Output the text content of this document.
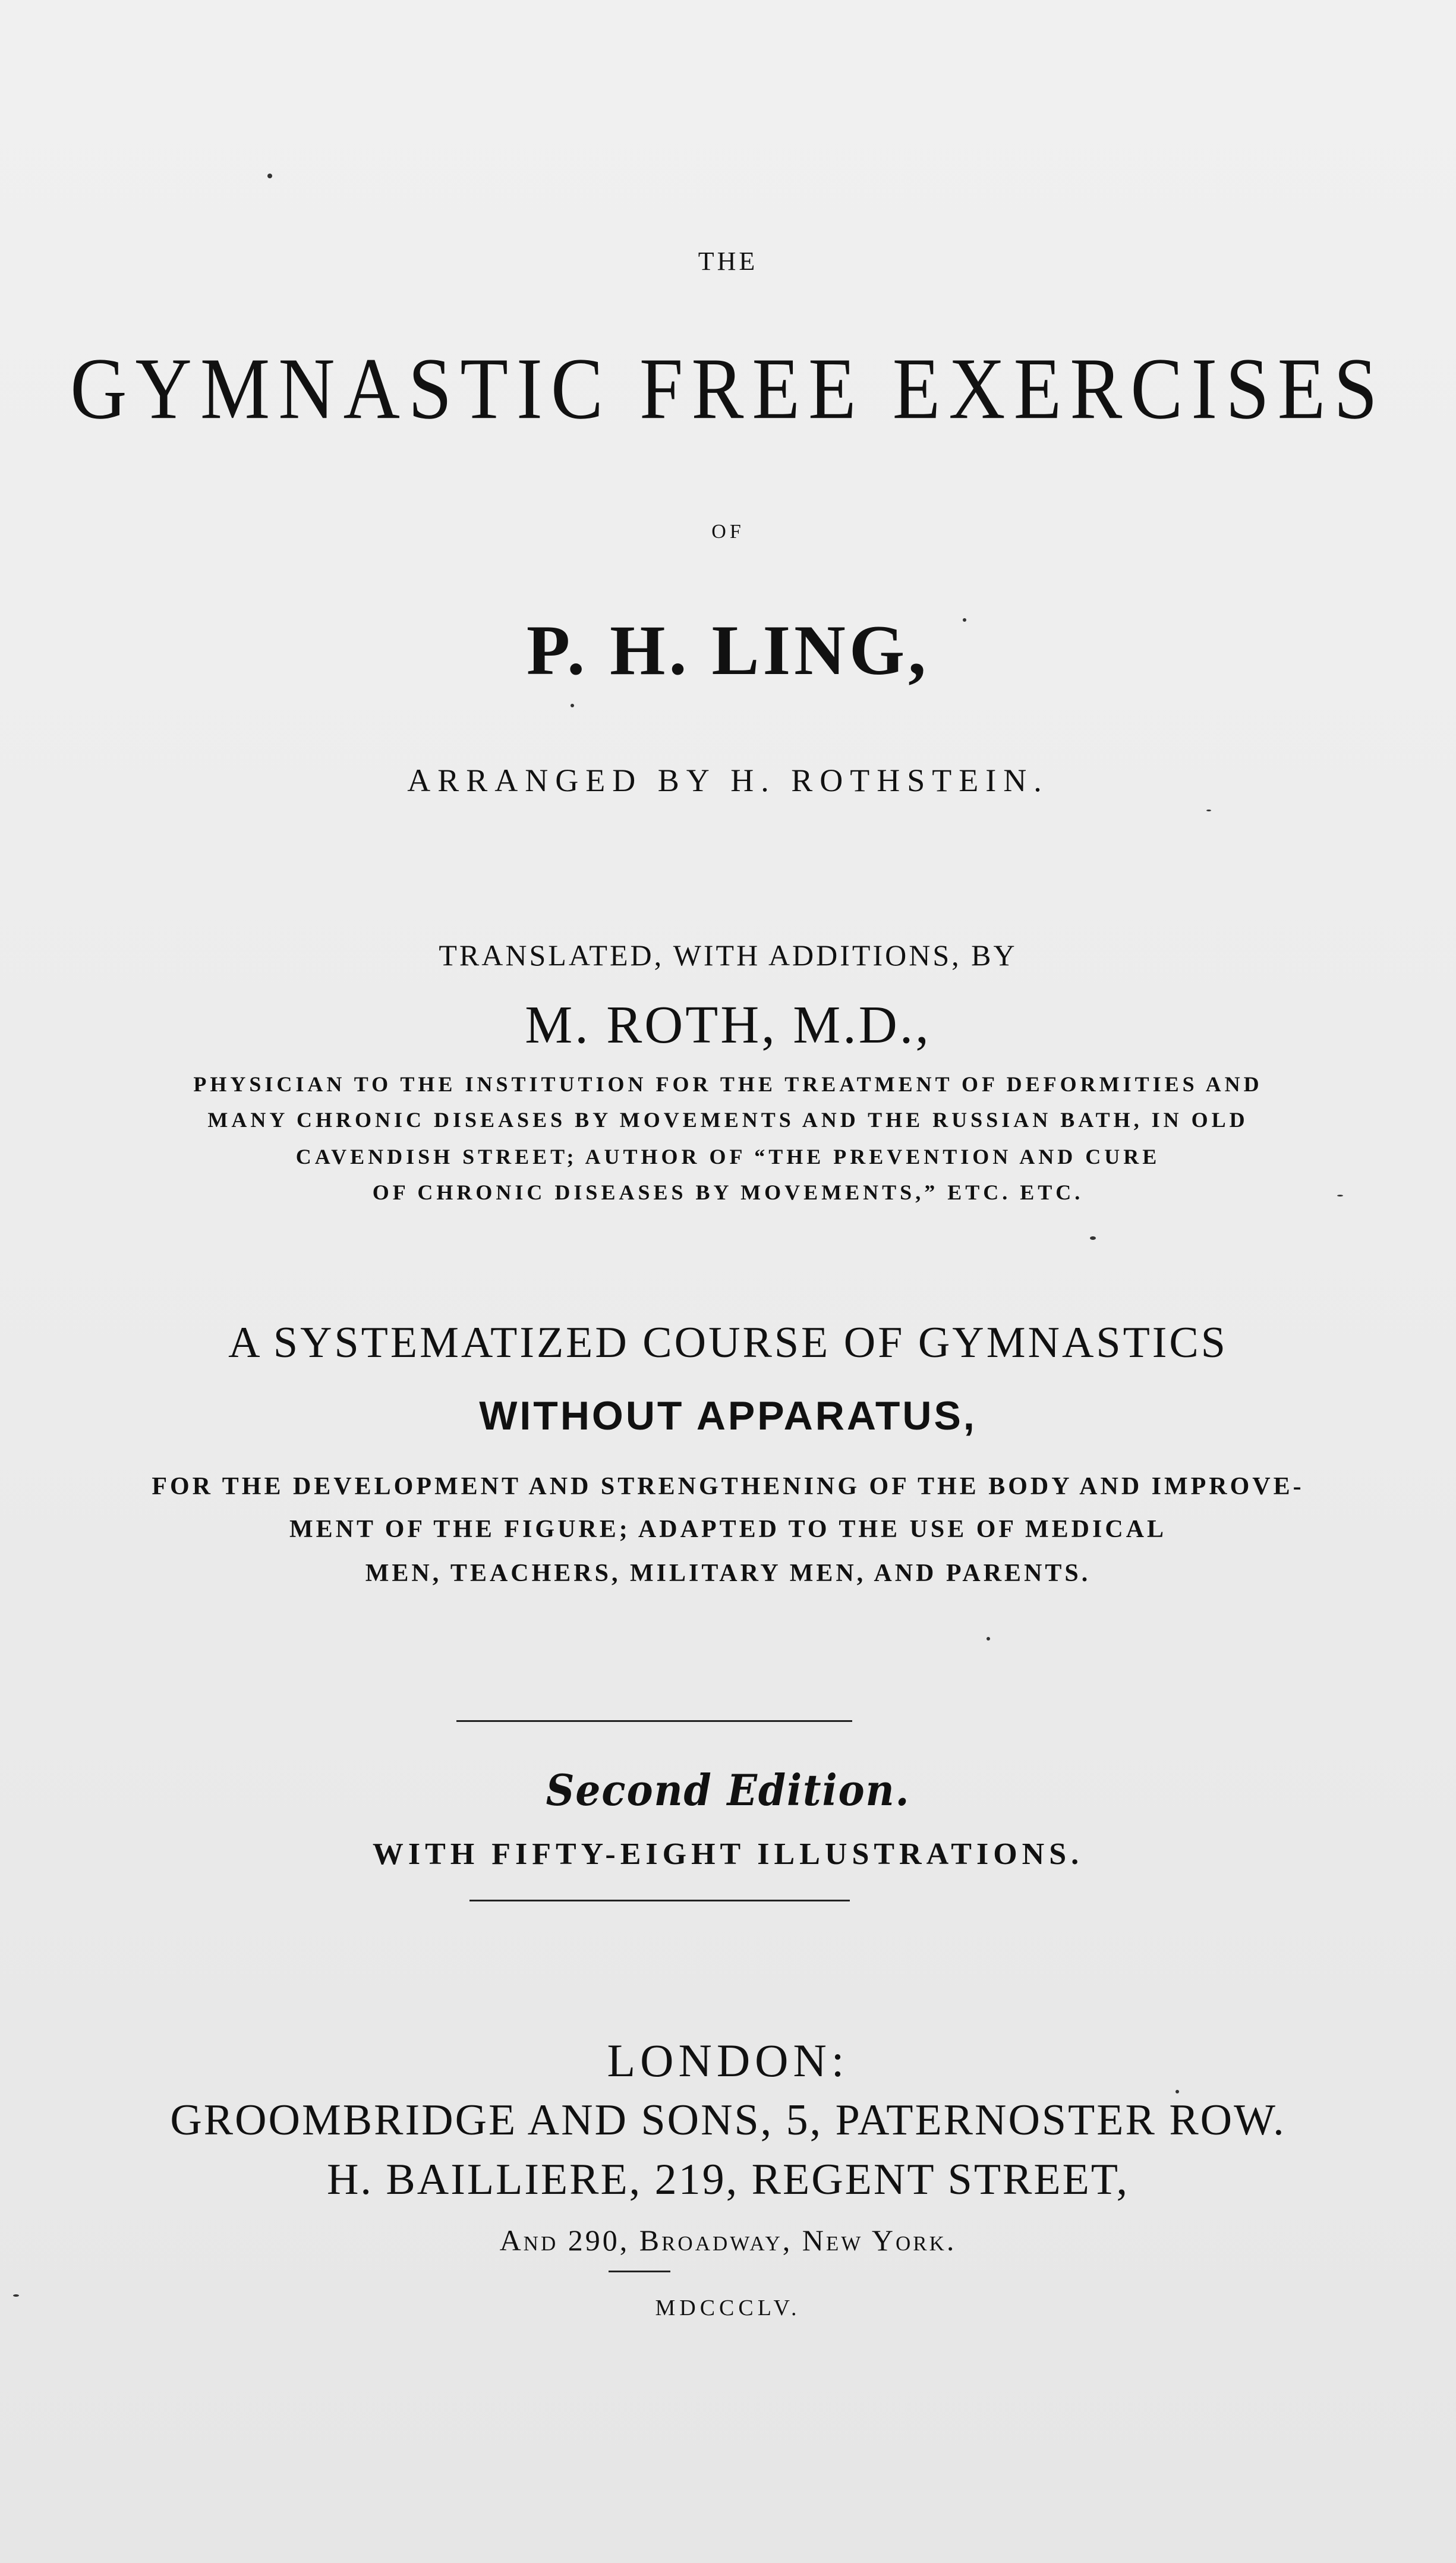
THE
GYMNASTIC FREE EXERCISES
OF
P. H. LING,
ARRANGED BY H. ROTHSTEIN.
TRANSLATED, WITH ADDITIONS, BY
M. ROTH, M.D.,
PHYSICIAN TO THE INSTITUTION FOR THE TREATMENT OF DEFORMITIES AND
MANY CHRONIC DISEASES BY MOVEMENTS AND THE RUSSIAN BATH, IN OLD
CAVENDISH STREET; AUTHOR OF “THE PREVENTION AND CURE
OF CHRONIC DISEASES BY MOVEMENTS,” ETC. ETC.
A SYSTEMATIZED COURSE OF GYMNASTICS
WITHOUT APPARATUS,
FOR THE DEVELOPMENT AND STRENGTHENING OF THE BODY AND IMPROVE-
MENT OF THE FIGURE; ADAPTED TO THE USE OF MEDICAL
MEN, TEACHERS, MILITARY MEN, AND PARENTS.
Second Edition.
WITH FIFTY-EIGHT ILLUSTRATIONS.
LONDON:
GROOMBRIDGE AND SONS, 5, PATERNOSTER ROW.
H. BAILLIERE, 219, REGENT STREET,
And 290, Broadway, New York.
MDCCCLV.
